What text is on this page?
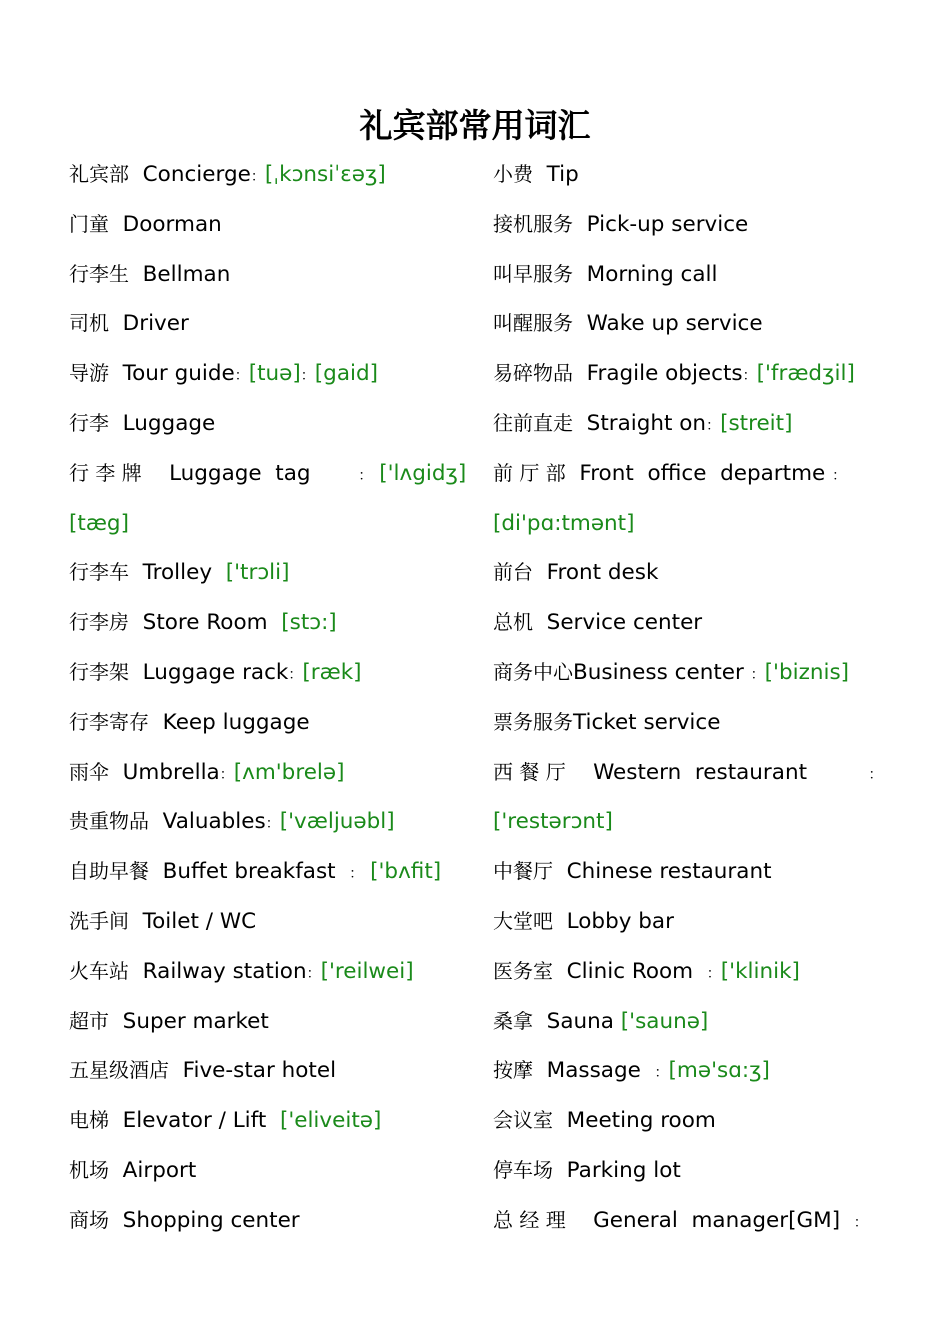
礼宾部常用词汇
礼宾部 Concierge：[ˌkɔnsiˈɛəʒ]
门童 Doorman
行李生 Bellman
司机 Driver
导游 Tour guide：[tuə]：[gaid]
行李 Luggage
行 李 牌 Luggage  tag	： ['lʌgidʒ]
[tæg]
行李车 Trolley ['trɔli]
行李房 Store Room [stɔ:]
行李架 Luggage rack：[ræk]
行李寄存 Keep luggage
雨伞 Umbrella：[ʌm'brelə]
贵重物品 Valuables：['væljuəbl]
自助早餐 Buffet breakfast ： ['bʌfit]
洗手间 Toilet / WC
火车站 Railway station：['reilwei]
超市 Super market
五星级酒店 Five-star hotel
电梯 Elevator / Lift ['eliveitə]
机场 Airport
商场 Shopping center
小费 Tip
接机服务 Pick-up service
叫早服务 Morning call
叫醒服务 Wake up service
易碎物品 Fragile objects：['frædʒil]
往前直走 Straight on：[streit]
前 厅 部 Front  office  departme ：
[di'pɑ:tmənt]
前台 Front desk
总机 Service center
商务中心Business center ：['biznis]
票务服务Ticket service
西 餐 厅 Western  restaurant	：
['restərɔnt]
中餐厅 Chinese restaurant
大堂吧 Lobby bar
医务室 Clinic Room ：['klinik]
桑拿 Sauna ['saunə]
按摩 Massage ：[mə'sɑ:ʒ]
会议室 Meeting room
停车场 Parking lot
总 经 理 General  manager[GM] ：
